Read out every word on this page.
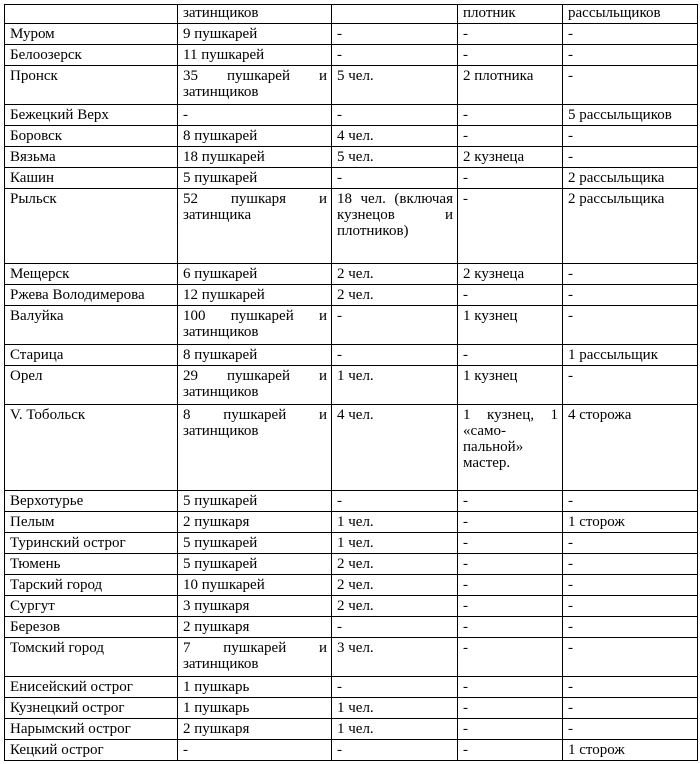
	затинщиков		плотник	рассыльщиков
Муром	9 пушкарей	-	-	-
Белоозерск	11 пушкарей	-	-	-
Пронск	35 пушкарей и затинщиков	5 чел.	2 плотника	-
Бежецкий Верх	-	-	-	5 рассыльщиков
Боровск	8 пушкарей	4 чел.	-	-
Вязьма	18 пушкарей	5 чел.	2 кузнеца	-
Кашин	5 пушкарей	-	-	2 рассыльщика
Рыльск	52 пушкаря и затинщика	18 чел. (включая кузнецов и плотников)	-	2 рассыльщика
Мещерск	6 пушкарей	2 чел.	2 кузнеца	-
Ржева Володимерова	12 пушкарей	2 чел.	-	-
Валуйка	100 пушкарей и затинщиков	-	1 кузнец	-
Старица	8 пушкарей	-	-	1 рассыльщик
Орел	29 пушкарей и затинщиков	1 чел.	1 кузнец	-
V. Тобольск	8 пушкарей и затинщиков	4 чел.	1 кузнец, 1 «само-пальной» мастер.	4 сторожа
Верхотурье	5 пушкарей	-	-	-
Пелым	2 пушкаря	1 чел.	-	1 сторож
Туринский острог	5 пушкарей	1 чел.	-	-
Тюмень	5 пушкарей	2 чел.	-	-
Тарский город	10 пушкарей	2 чел.	-	-
Сургут	3 пушкаря	2 чел.	-	-
Березов	2 пушкаря	-	-	-
Томский город	7 пушкарей и затинщиков	3 чел.	-	-
Енисейский острог	1 пушкарь	-	-	-
Кузнецкий острог	1 пушкарь	1 чел.	-	-
Нарымский острог	2 пушкаря	1 чел.	-	-
Кецкий острог	-	-	-	1 сторож
